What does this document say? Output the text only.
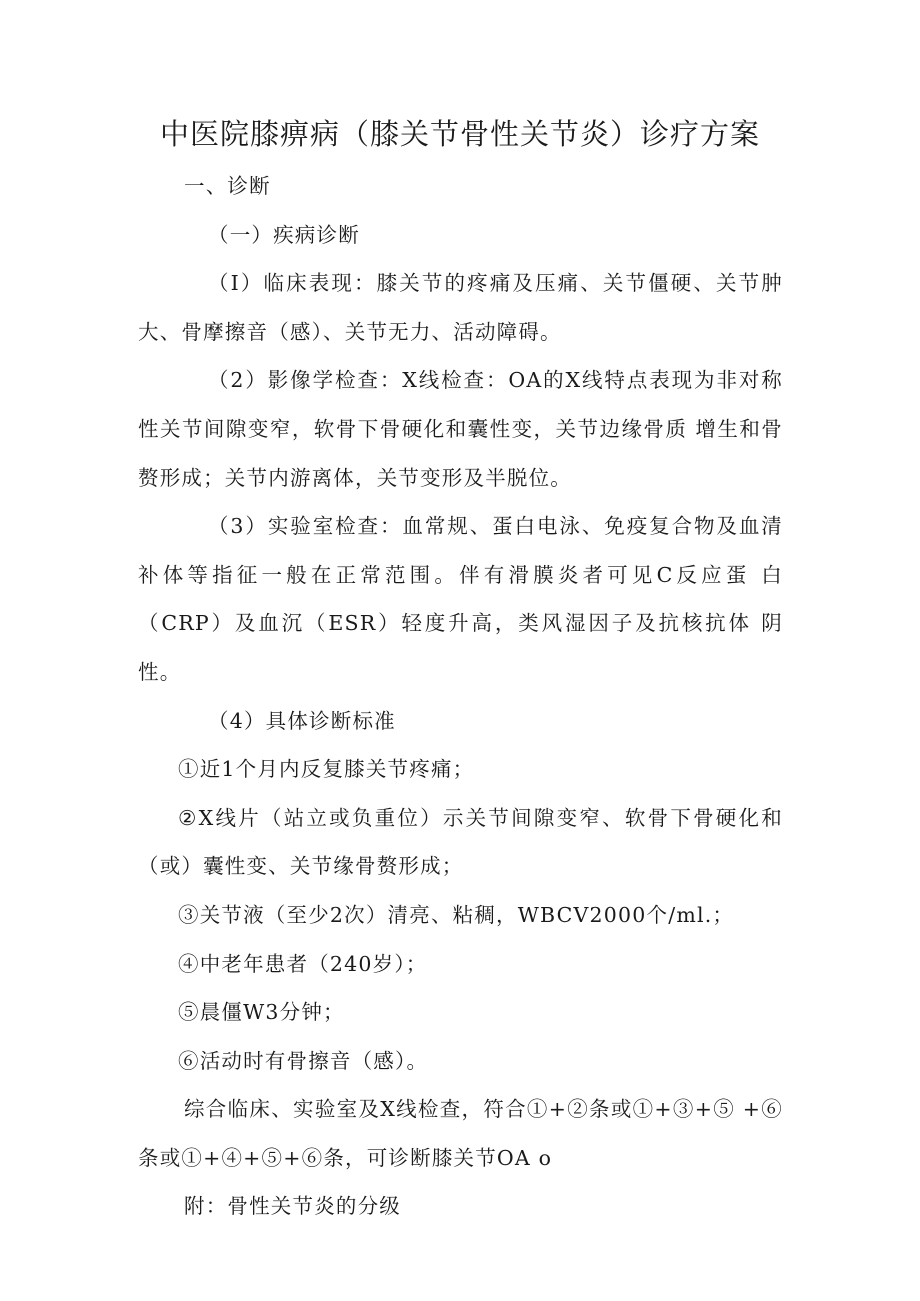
中医院膝痹病（膝关节骨性关节炎）诊疗方案

一、诊断

（一）疾病诊断

（I）临床表现：膝关节的疼痛及压痛、关节僵硬、关节肿大、骨摩擦音（感）、关节无力、活动障碍。

（2）影像学检查：X线检查：OA的X线特点表现为非对称性关节间隙变窄，软骨下骨硬化和囊性变，关节边缘骨质 增生和骨赘形成；关节内游离体，关节变形及半脱位。

（3）实验室检查：血常规、蛋白电泳、免疫复合物及血清补体等指征一般在正常范围。伴有滑膜炎者可见C反应蛋 白（CRP）及血沉（ESR）轻度升高，类风湿因子及抗核抗体 阴性。

（4）具体诊断标准

①近1个月内反复膝关节疼痛；

②X线片（站立或负重位）示关节间隙变窄、软骨下骨硬化和（或）囊性变、关节缘骨赘形成；

③关节液（至少2次）清亮、粘稠，WBCV2000个/ml.；

④中老年患者（240岁）；

⑤晨僵W3分钟；

⑥活动时有骨擦音（感）。

综合临床、实验室及X线检查，符合①+②条或①+③+⑤ +⑥条或①+④+⑤+⑥条，可诊断膝关节OA o

附：骨性关节炎的分级
